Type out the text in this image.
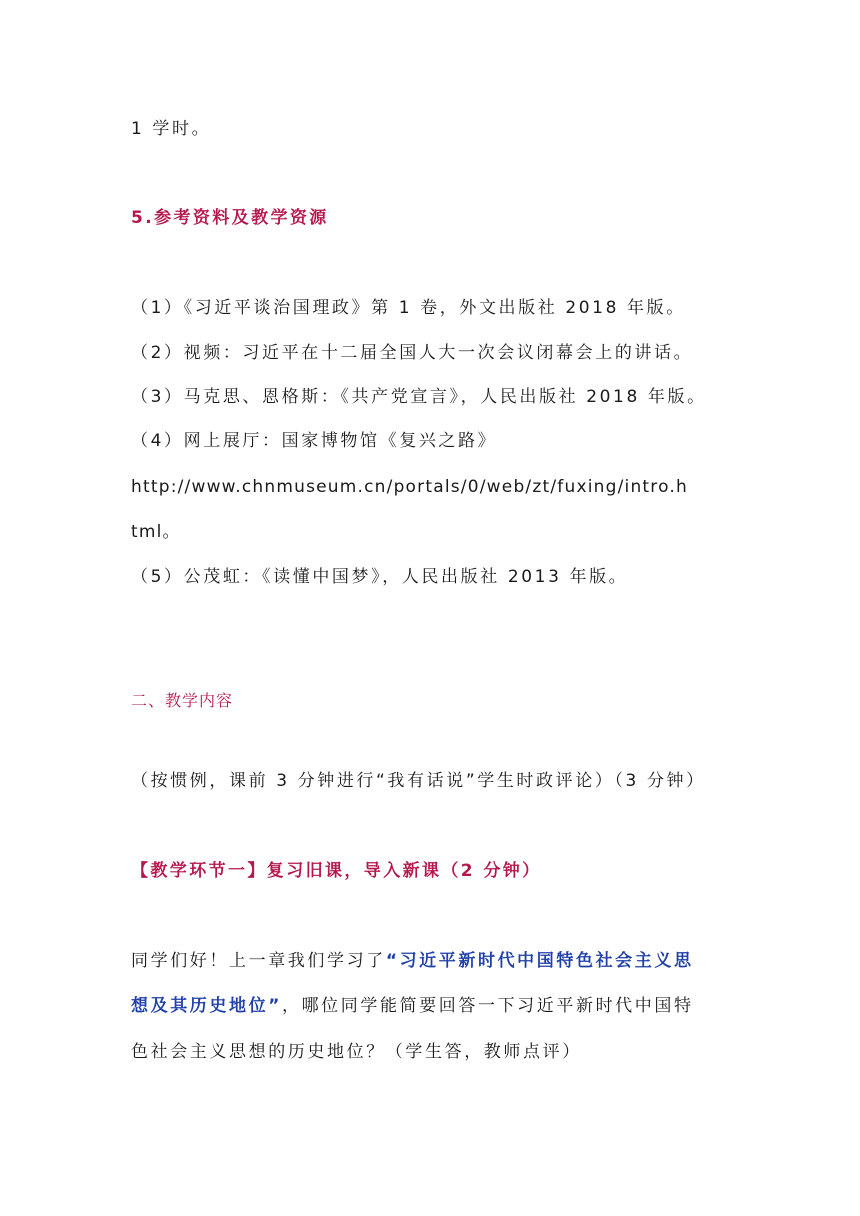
1 学时。
5.参考资料及教学资源
（1）《习近平谈治国理政》第 1 卷，外文出版社 2018 年版。
（2）视频：习近平在十二届全国人大一次会议闭幕会上的讲话。
（3）马克思、恩格斯：《共产党宣言》，人民出版社 2018 年版。
（4）网上展厅：国家博物馆《复兴之路》
http://www.chnmuseum.cn/portals/0/web/zt/fuxing/intro.h
tml。
（5）公茂虹：《读懂中国梦》，人民出版社 2013 年版。
二、教学内容
（按惯例，课前 3 分钟进行“我有话说”学生时政评论）（3 分钟）
【教学环节一】复习旧课，导入新课（2 分钟）
同学们好！上一章我们学习了“习近平新时代中国特色社会主义思
想及其历史地位”，哪位同学能简要回答一下习近平新时代中国特
色社会主义思想的历史地位？（学生答，教师点评）
